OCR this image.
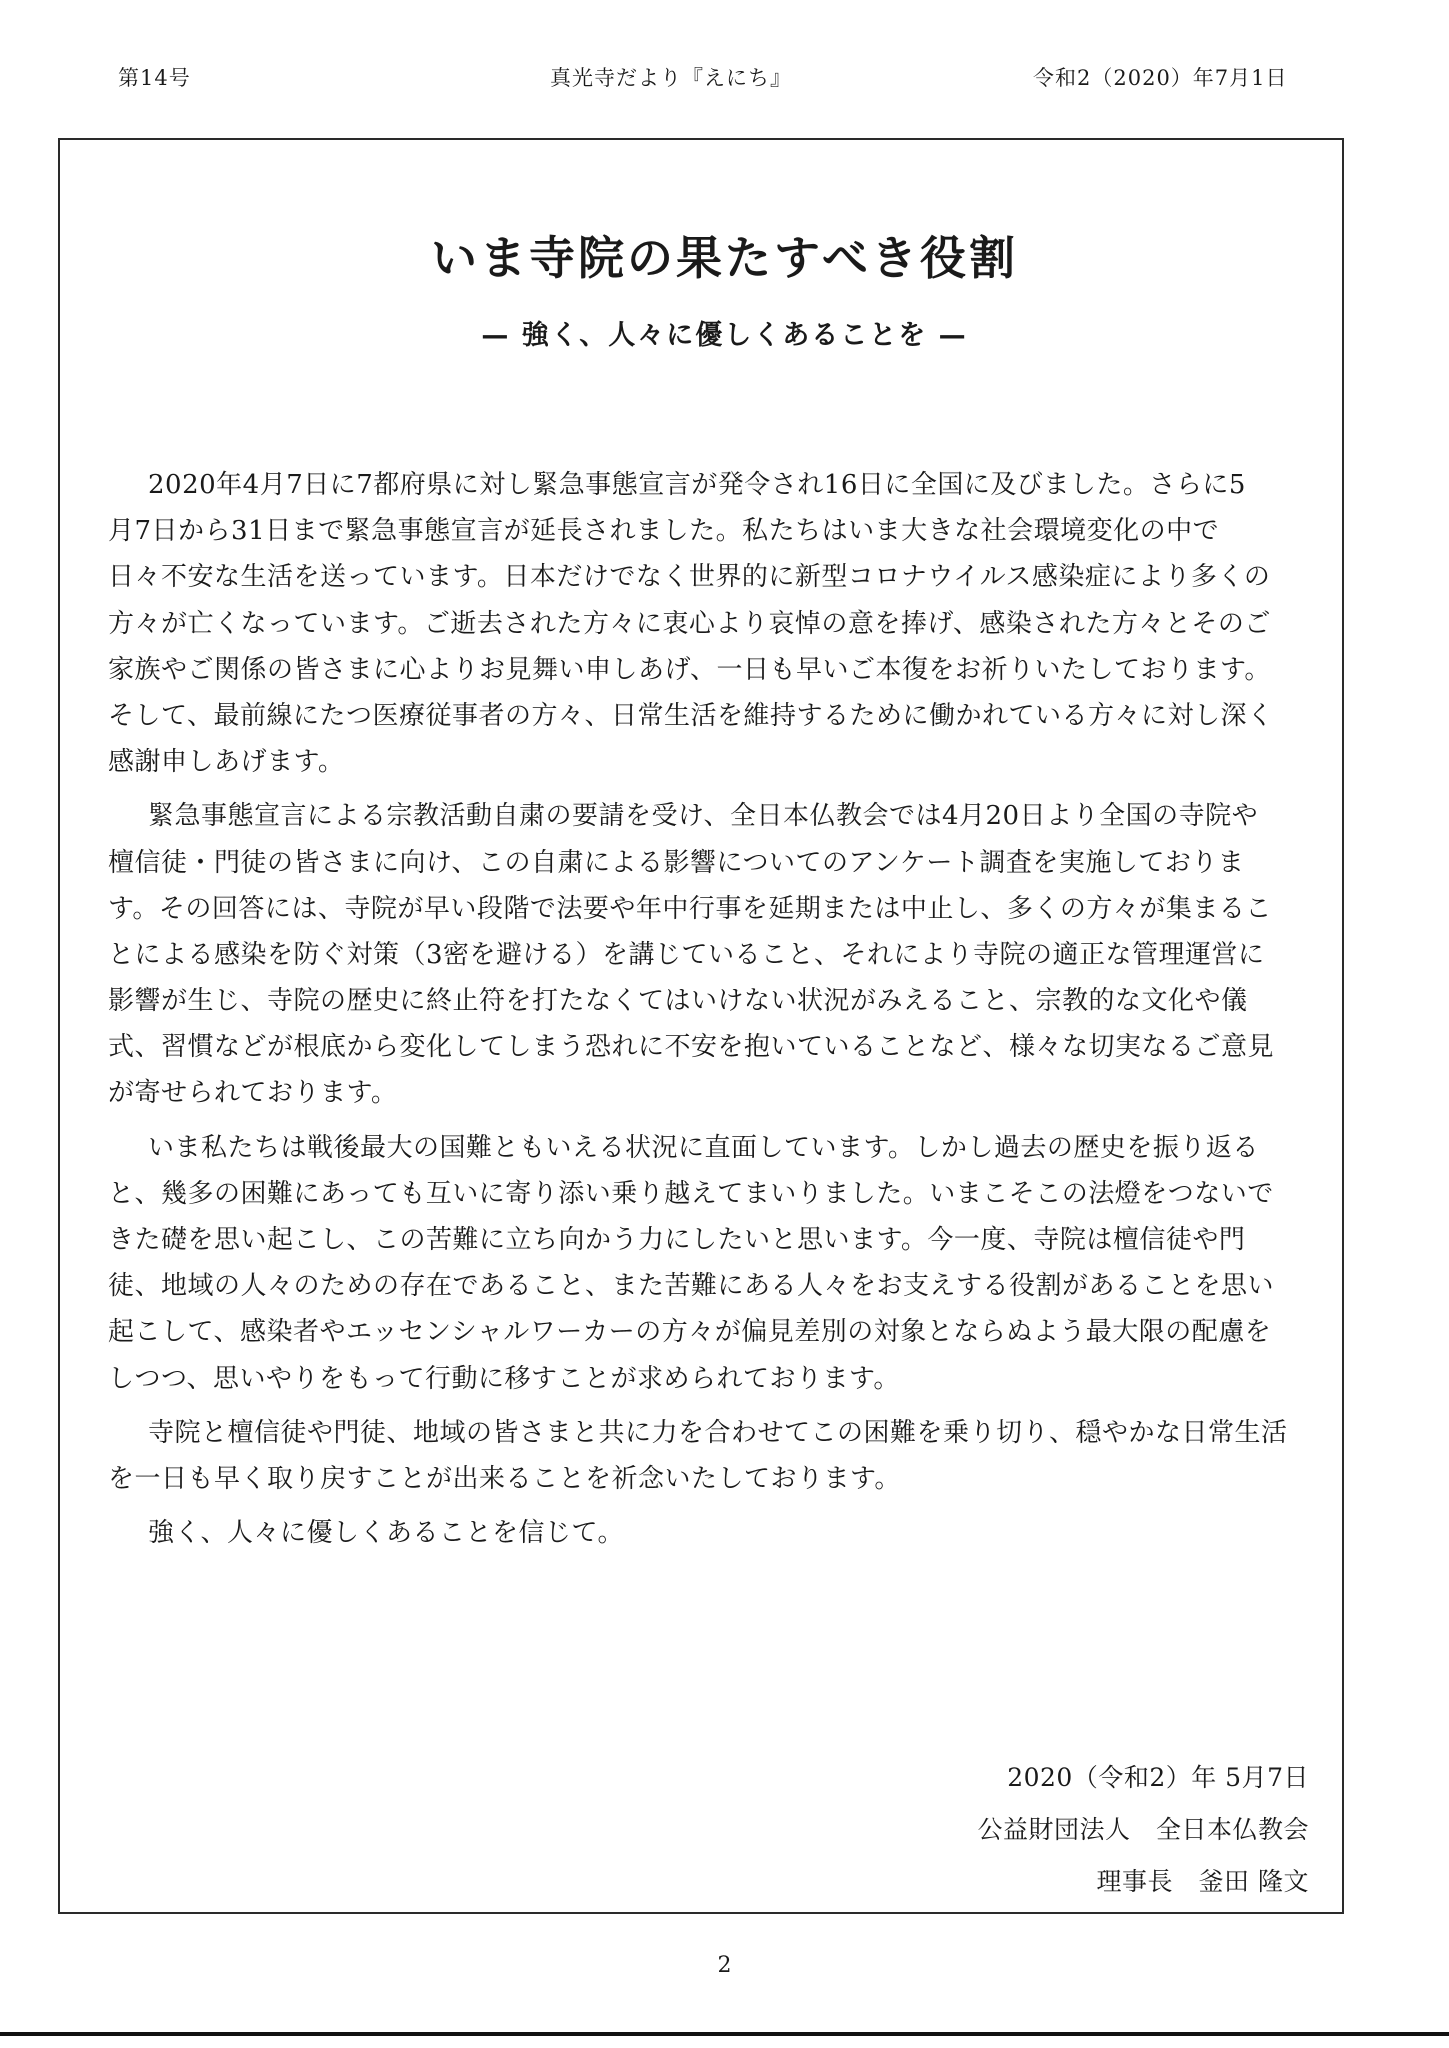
第14号	真光寺だより『えにち』	令和2（2020）年7月1日
いま寺院の果たすべき役割
— 強く、人々に優しくあることを —
2020年4月7日に7都府県に対し緊急事態宣言が発令され16日に全国に及びました。さらに5
月7日から31日まで緊急事態宣言が延長されました。私たちはいま大きな社会環境変化の中で
日々不安な生活を送っています。日本だけでなく世界的に新型コロナウイルス感染症により多くの
方々が亡くなっています。ご逝去された方々に衷心より哀悼の意を捧げ、感染された方々とそのご
家族やご関係の皆さまに心よりお見舞い申しあげ、一日も早いご本復をお祈りいたしております。
そして、最前線にたつ医療従事者の方々、日常生活を維持するために働かれている方々に対し深く
感謝申しあげます。
緊急事態宣言による宗教活動自粛の要請を受け、全日本仏教会では4月20日より全国の寺院や
檀信徒・門徒の皆さまに向け、この自粛による影響についてのアンケート調査を実施しておりま
す。その回答には、寺院が早い段階で法要や年中行事を延期または中止し、多くの方々が集まるこ
とによる感染を防ぐ対策（3密を避ける）を講じていること、それにより寺院の適正な管理運営に
影響が生じ、寺院の歴史に終止符を打たなくてはいけない状況がみえること、宗教的な文化や儀
式、習慣などが根底から変化してしまう恐れに不安を抱いていることなど、様々な切実なるご意見
が寄せられております。
いま私たちは戦後最大の国難ともいえる状況に直面しています。しかし過去の歴史を振り返る
と、幾多の困難にあっても互いに寄り添い乗り越えてまいりました。いまこそこの法燈をつないで
きた礎を思い起こし、この苦難に立ち向かう力にしたいと思います。今一度、寺院は檀信徒や門
徒、地域の人々のための存在であること、また苦難にある人々をお支えする役割があることを思い
起こして、感染者やエッセンシャルワーカーの方々が偏見差別の対象とならぬよう最大限の配慮を
しつつ、思いやりをもって行動に移すことが求められております。
寺院と檀信徒や門徒、地域の皆さまと共に力を合わせてこの困難を乗り切り、穏やかな日常生活
を一日も早く取り戻すことが出来ることを祈念いたしております。
強く、人々に優しくあることを信じて。
2020（令和2）年 5月7日
公益財団法人　全日本仏教会
理事長　釜田 隆文
2
